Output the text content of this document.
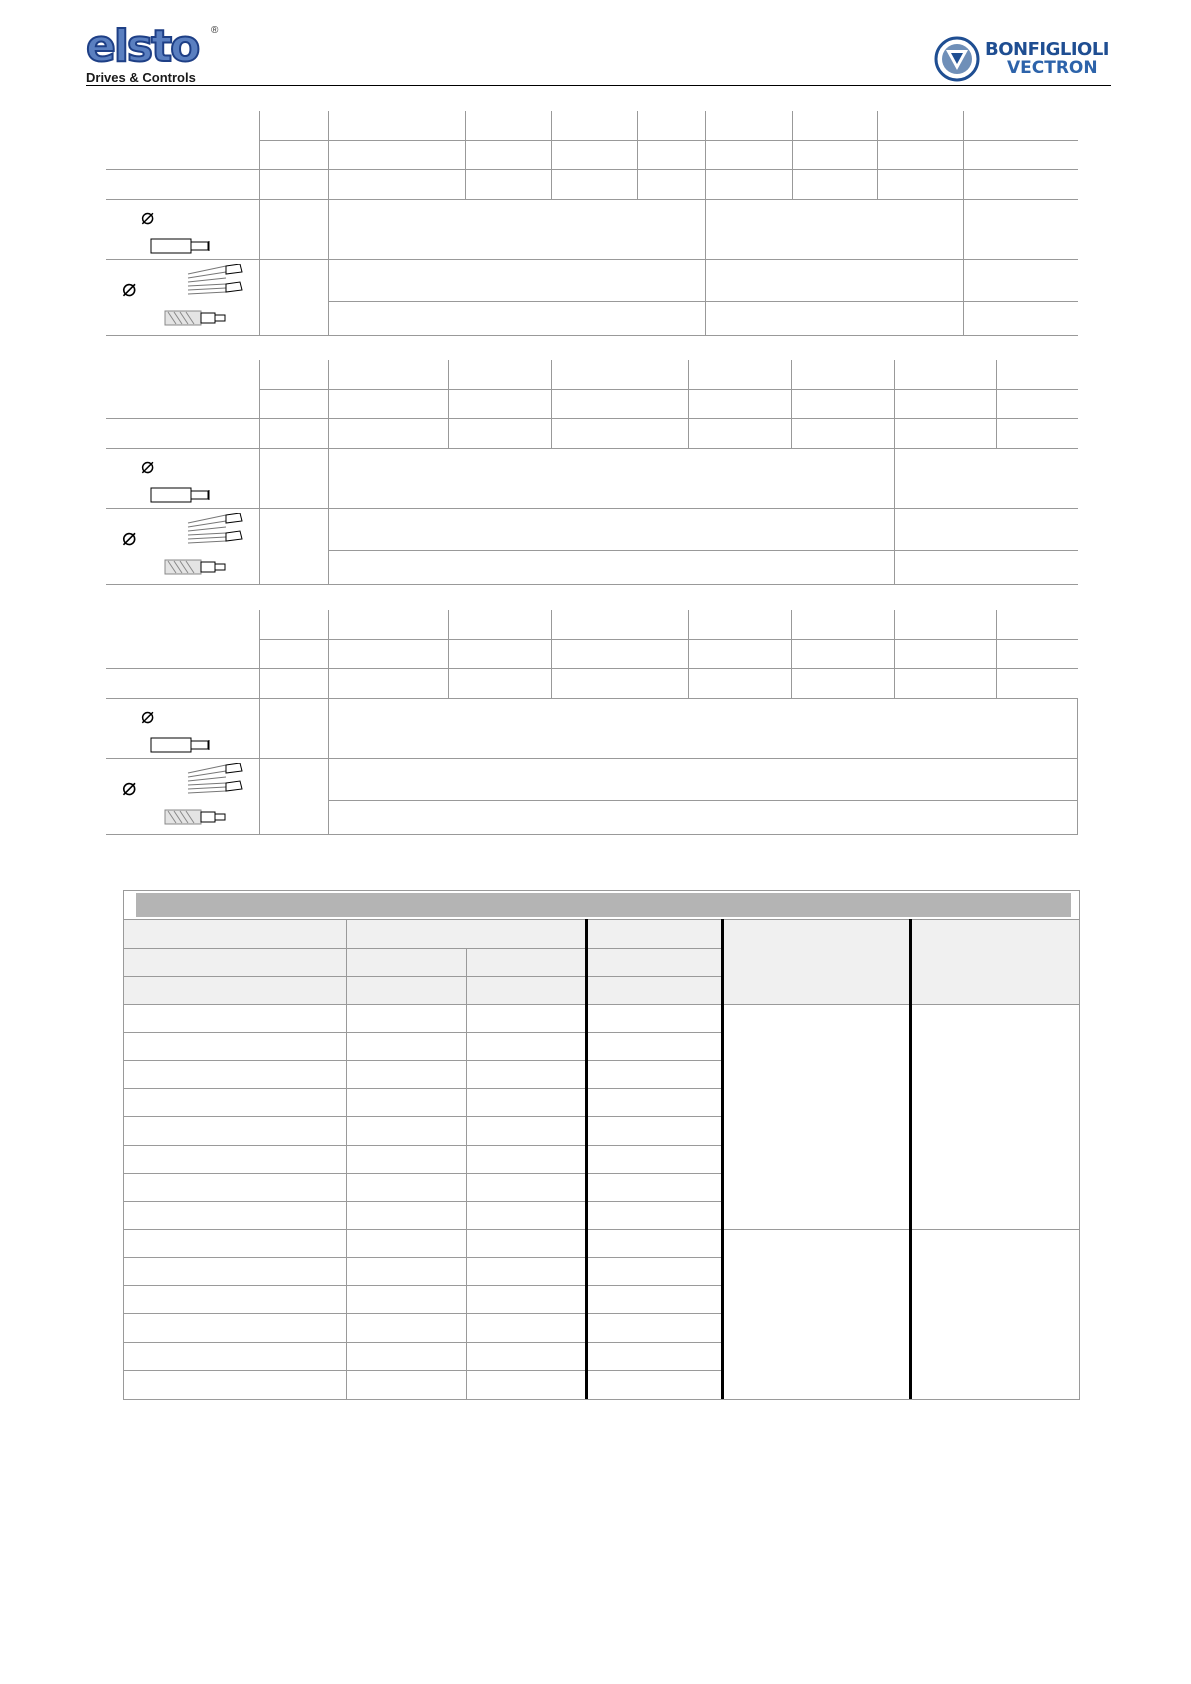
elsto ®
Drives & Controls
BONFIGLIOLI
VECTRON
⌀
⌀
⌀
⌀
⌀
⌀
